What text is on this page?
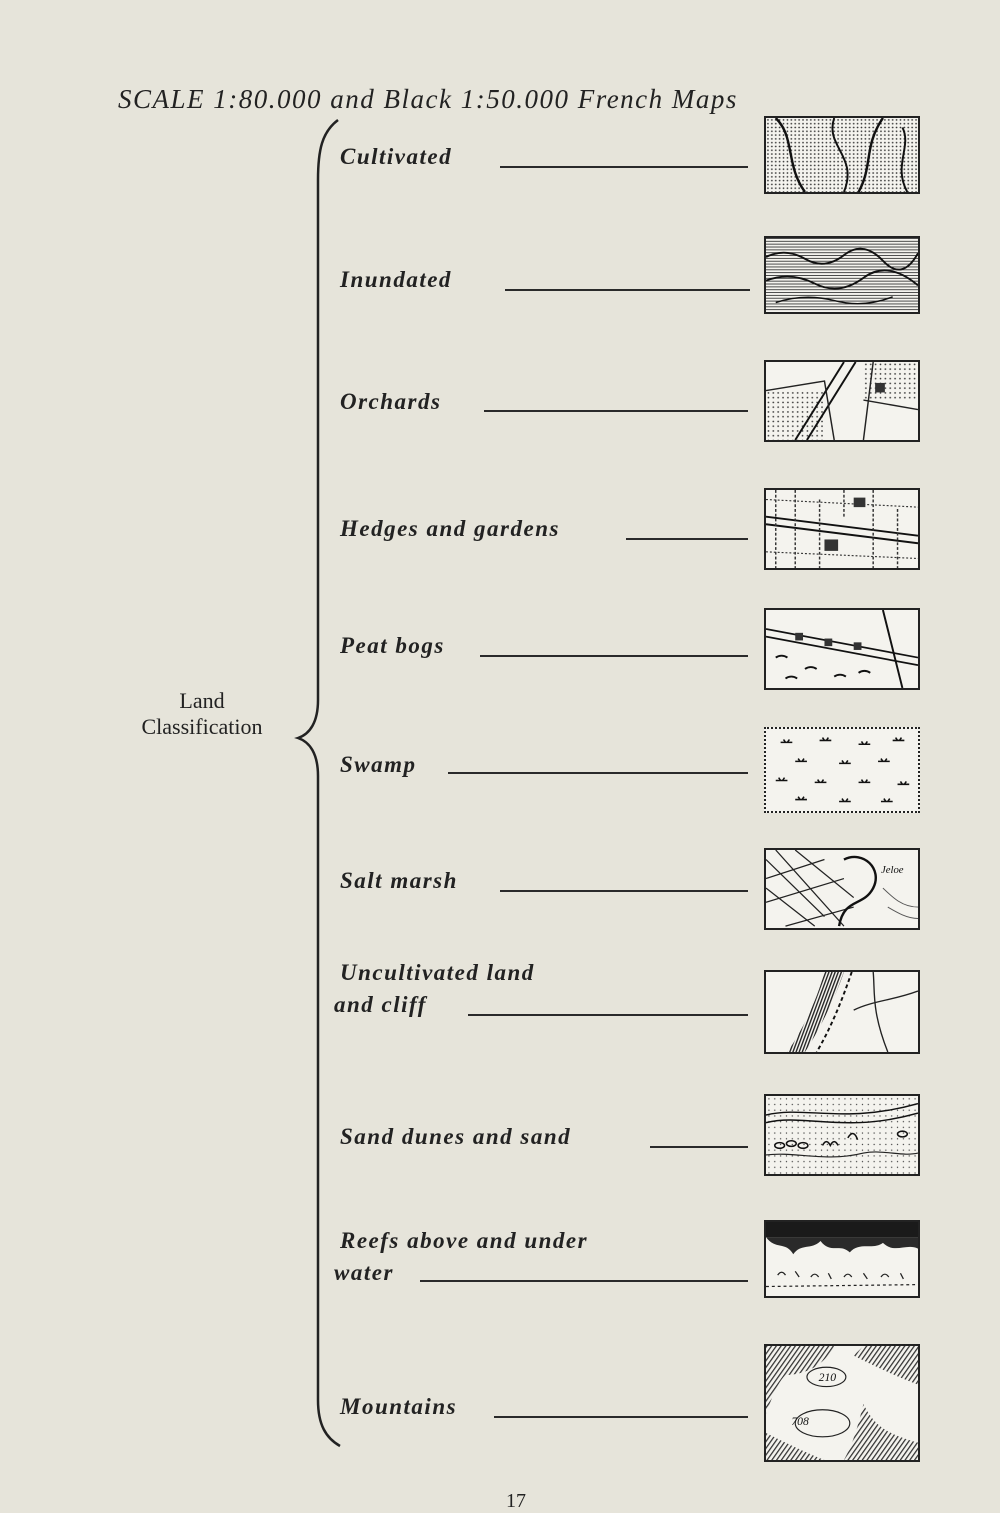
SCALE 1:80.000 and Black 1:50.000 French Maps
Land
Classification
Cultivated
Inundated
Orchards
Hedges and gardens
Peat bogs
Swamp
Salt marsh	Jeloe
Uncultivated land
and cliff
Sand dunes and sand
Reefs above and under
water
Mountains
210
708
17
